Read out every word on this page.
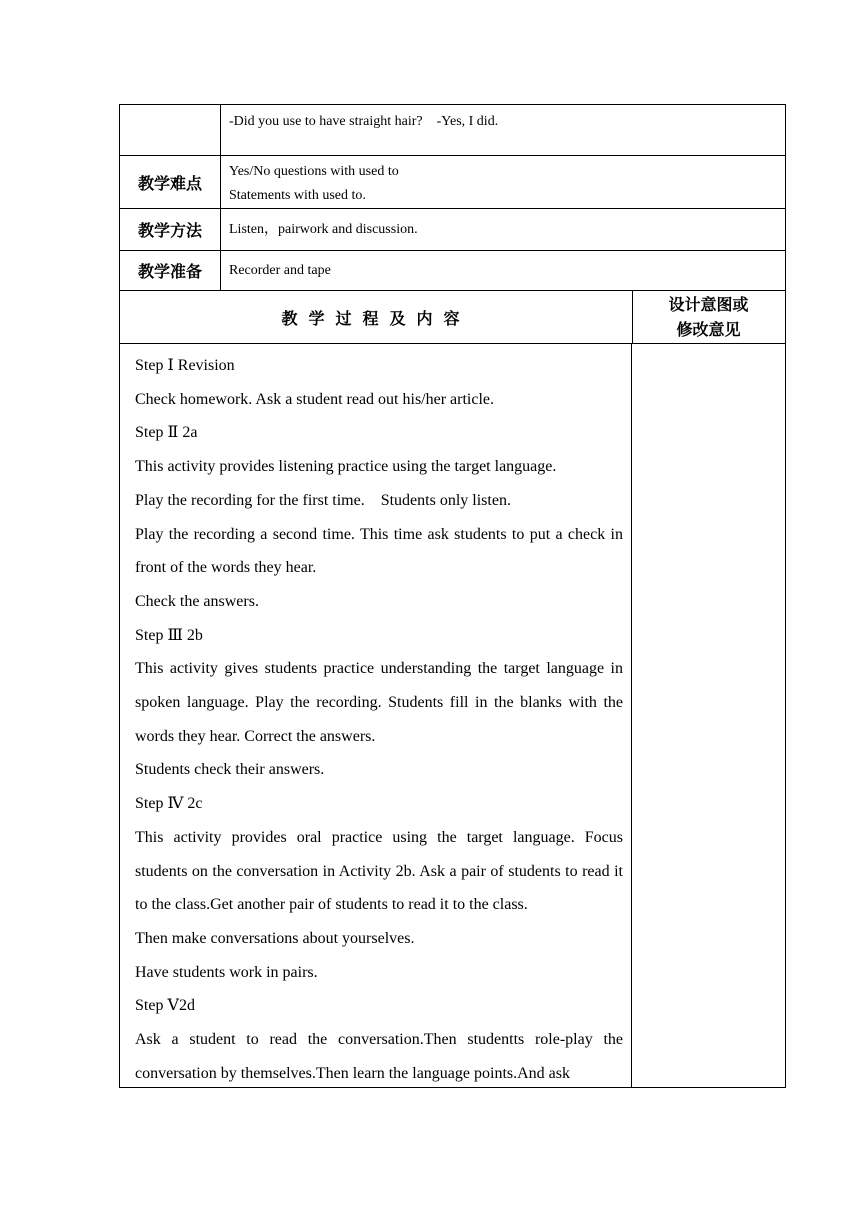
-Did you use to have straight hair?    -Yes, I did.
教学难点
Yes/No questions with used to
Statements with used to.
教学方法	Listen，pairwork and discussion.
教学准备	Recorder and tape
教学过程及内容
设计意图或
修改意见

Step Ⅰ Revision

Check homework. Ask a student read out his/her article.

Step Ⅱ 2a

This activity provides listening practice using the target language.

Play the recording for the first time.    Students only listen.

Play the recording a second time. This time ask students to put a check in front of the words they hear.

Check the answers.

Step Ⅲ 2b

This activity gives students practice understanding the target language in spoken language. Play the recording. Students fill in the blanks with the words they hear. Correct the answers.

Students check their answers.

Step Ⅳ 2c

This activity provides oral practice using the target language. Focus students on the conversation in Activity 2b. Ask a pair of students to read it to the class.Get another pair of students to read it to the class.

Then make conversations about yourselves.

Have students work in pairs.

Step Ⅴ2d

Ask a student to read the conversation.Then studentts role-play the conversation by themselves.Then learn the language points.And ask
